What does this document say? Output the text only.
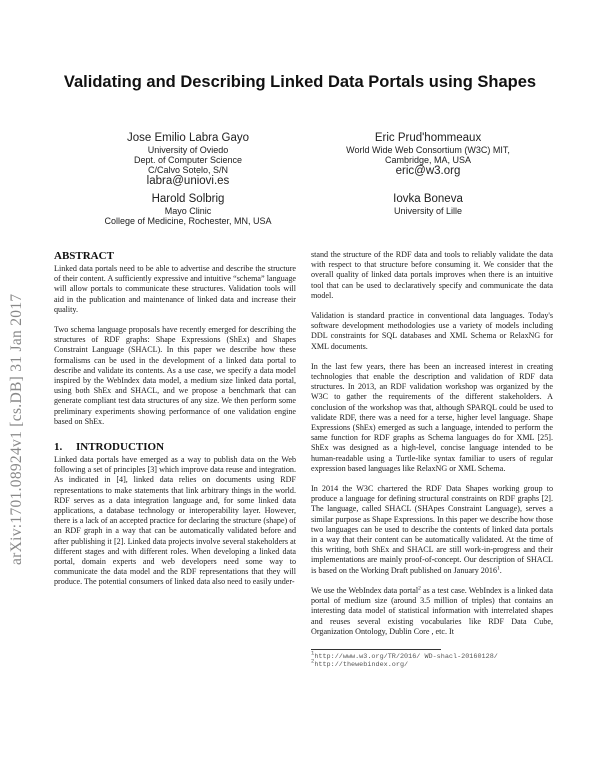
Validating and Describing Linked Data Portals using Shapes
Jose Emilio Labra Gayo
University of Oviedo
Dept. of Computer Science
C/Calvo Sotelo, S/N
labra@uniovi.es
Eric Prud'hommeaux
World Wide Web Consortium (W3C) MIT,
Cambridge, MA, USA
eric@w3.org
Harold Solbrig
Mayo Clinic
College of Medicine, Rochester, MN, USA
Iovka Boneva
University of Lille
arXiv:1701.08924v1 [cs.DB] 31 Jan 2017
ABSTRACT

Linked data portals need to be able to advertise and describe the structure of their content. A sufficiently expressive and intuitive “schema” language will allow portals to communicate these structures. Validation tools will aid in the publication and maintenance of linked data and increase their quality.

Two schema language proposals have recently emerged for describing the structures of RDF graphs: Shape Expressions (ShEx) and Shapes Constraint Language (SHACL). In this paper we describe how these formalisms can be used in the development of a linked data portal to describe and validate its contents. As a use case, we specify a data model inspired by the WebIndex data model, a medium size linked data portal, using both ShEx and SHACL, and we propose a benchmark that can generate compliant test data structures of any size. We then perform some preliminary experiments showing performance of one validation engine based on ShEx.

1. INTRODUCTION

Linked data portals have emerged as a way to publish data on the Web following a set of principles [3] which improve data reuse and integration. As indicated in [4], linked data relies on documents using RDF representations to make statements that link arbitrary things in the world. RDF serves as a data integration language and, for some linked data applications, a database technology or interoperability layer. However, there is a lack of an accepted practice for declaring the structure (shape) of an RDF graph in a way that can be automatically validated before and after publishing it [2]. Linked data projects involve several stakeholders at different stages and with different roles. When developing a linked data portal, domain experts and web developers need some way to communicate the data model and the RDF representations that they will produce. The potential consumers of linked data also need to easily under-

stand the structure of the RDF data and tools to reliably validate the data with respect to that structure before consuming it. We consider that the overall quality of linked data portals improves when there is an intuitive tool that can be used to declaratively specify and communicate the data model.

Validation is standard practice in conventional data languages. Today's software development methodologies use a variety of models including DDL constraints for SQL databases and XML Schema or RelaxNG for XML documents.

In the last few years, there has been an increased interest in creating technologies that enable the description and validation of RDF data structures. In 2013, an RDF validation workshop was organized by the W3C to gather the requirements of the different stakeholders. A conclusion of the workshop was that, although SPARQL could be used to validate RDF, there was a need for a terse, higher level language. Shape Expressions (ShEx) emerged as such a language, intended to perform the same function for RDF graphs as Schema languages do for XML [25]. ShEx was designed as a high-level, concise language intended to be human-readable using a Turtle-like syntax familiar to users of regular expression based languages like RelaxNG or XML Schema.

In 2014 the W3C chartered the RDF Data Shapes working group to produce a language for defining structural constraints on RDF graphs [2]. The language, called SHACL (SHApes Constraint Language), serves a similar purpose as Shape Expressions. In this paper we describe how those two languages can be used to describe the contents of linked data portals in a way that their content can be automatically validated. At the time of this writing, both ShEx and SHACL are still work-in-progress and their implementations are mainly proof-of-concept. Our description of SHACL is based on the Working Draft published on January 2016$^1$.

We use the WebIndex data portal$^2$ as a test case. WebIndex is a linked data portal of medium size (around 3.5 million of triples) that contains an interesting data model of statistical information with interrelated shapes and reuses several existing vocabularies like RDF Data Cube, Organization Ontology, Dublin Core , etc. It

$^1$http://www.w3.org/TR/2016/ WD-shacl-20160128/
$^2$http://thewebindex.org/
